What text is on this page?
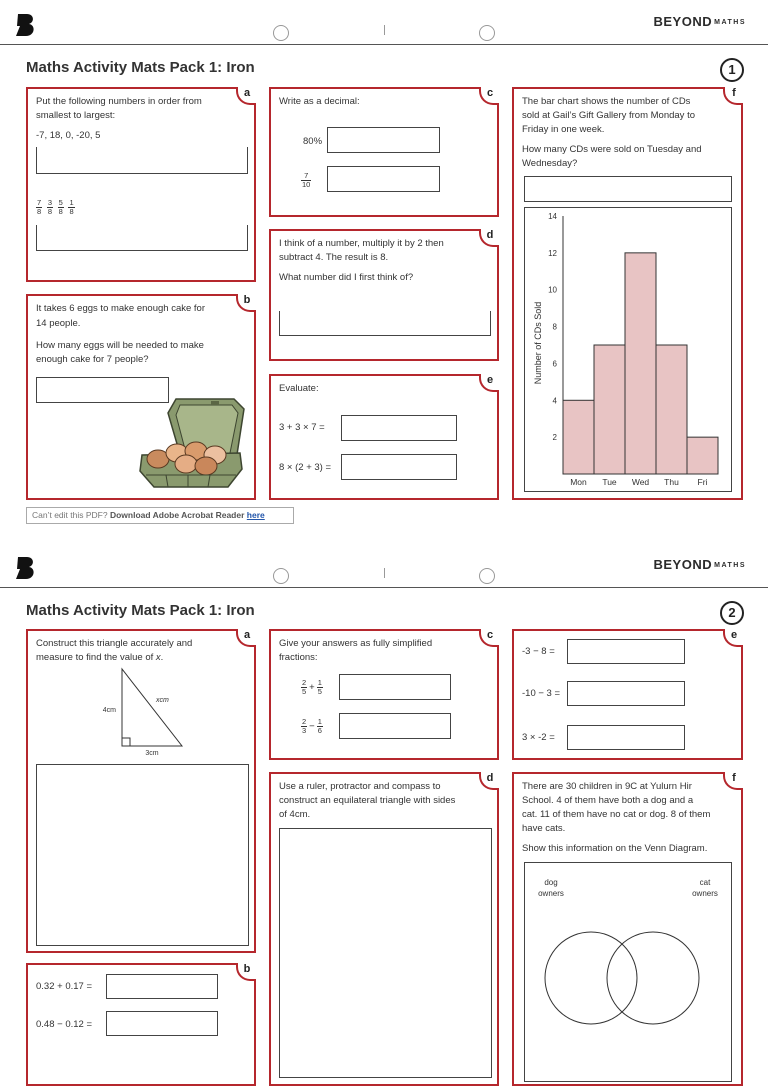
BEYOND MATHS
Maths Activity Mats Pack 1: Iron	1
a
Put the following numbers in order from
smallest to largest:
-7, 18, 0, -20, 5
$\frac{7}{8}$
$\frac{3}{8}$
$\frac{5}{8}$
$\frac{1}{8}$
b
It takes 6 eggs to make enough cake for
14 people.
How many eggs will be needed to make
enough cake for 7 people?
c
Write as a decimal:
80%
$\frac{7}{10}$
d
I think of a number, multiply it by 2 then
subtract 4. The result is 8.
What number did I first think of?
e
Evaluate:
3 + 3 × 7 =
8 × (2 + 3) =
f
The bar chart shows the number of CDs
sold at Gail’s Gift Gallery from Monday to
Friday in one week.
How many CDs were sold on Tuesday and
Wednesday?
Number of CDs Sold
2
4
6
8
10
12
14
Mon Tue Wed Thu Fri
Can’t edit this PDF? Download Adobe Acrobat Reader here
BEYOND MATHS
Maths Activity Mats Pack 1: Iron	2
a
Construct this triangle accurately and
measure to find the value of x.
4cm
3cm
xcm
b
0.32 + 0.17 =
0.48 − 0.12 =
c
Give your answers as fully simplified
fractions:
$\frac{2}{5} + \frac{1}{5}$
$\frac{2}{3} - \frac{1}{6}$
d
Use a ruler, protractor and compass to
construct an equilateral triangle with sides
of 4cm.
e
-3 − 8 =
-10 − 3 =
3 × -2 =
f
There are 30 children in 9C at Yulurn Hir
School. 4 of them have both a dog and a
cat. 11 of them have no cat or dog. 8 of them
have cats.
Show this information on the Venn Diagram.
dog
owners
cat
owners
